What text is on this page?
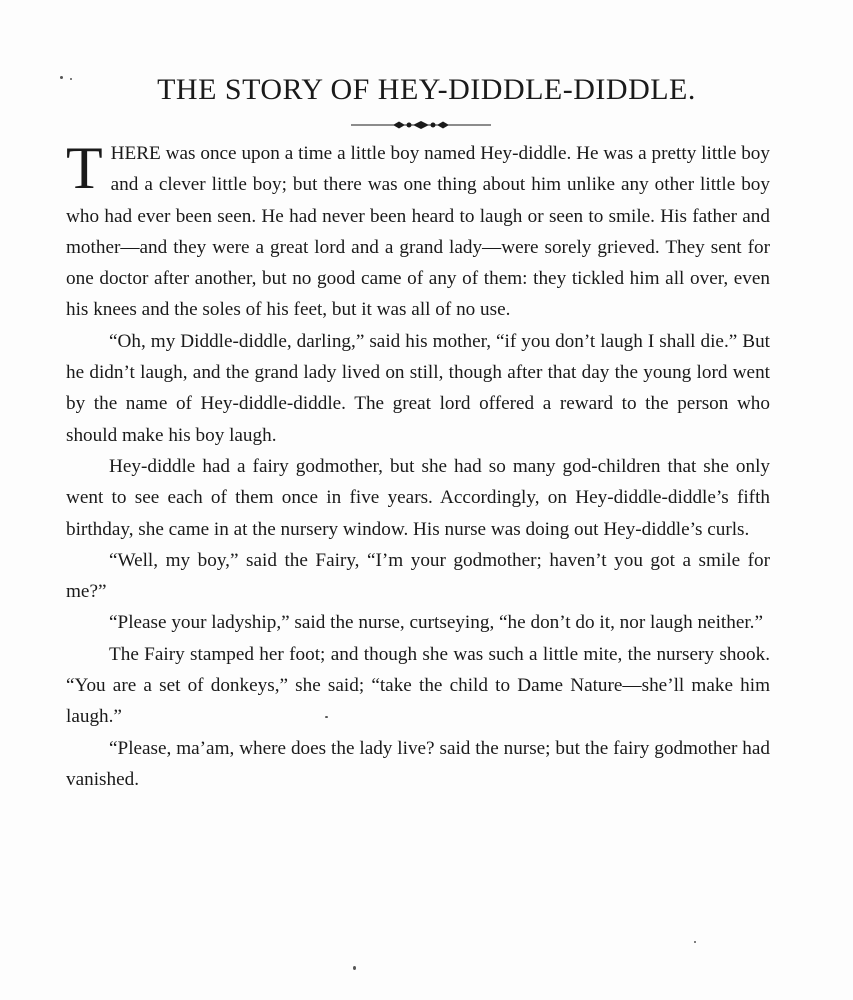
THE STORY OF HEY-DIDDLE-DIDDLE.

THERE was once upon a time a little boy named Hey-diddle. He was a pretty little boy and a clever little boy; but there was one thing about him unlike any other little boy who had ever been seen. He had never been heard to laugh or seen to smile. His father and mother—and they were a great lord and a grand lady—were sorely grieved. They sent for one doctor after another, but no good came of any of them: they tickled him all over, even his knees and the soles of his feet, but it was all of no use.

“Oh, my Diddle-diddle, darling,” said his mother, “if you don’t laugh I shall die.” But he didn’t laugh, and the grand lady lived on still, though after that day the young lord went by the name of Hey-diddle-diddle. The great lord offered a reward to the person who should make his boy laugh.

Hey-diddle had a fairy godmother, but she had so many god-children that she only went to see each of them once in five years. Accordingly, on Hey-diddle-diddle’s fifth birthday, she came in at the nursery window. His nurse was doing out Hey-diddle’s curls.

“Well, my boy,” said the Fairy, “I’m your godmother; haven’t you got a smile for me?”

“Please your ladyship,” said the nurse, curtseying, “he don’t do it, nor laugh neither.”

The Fairy stamped her foot; and though she was such a little mite, the nursery shook. “You are a set of donkeys,” she said; “take the child to Dame Nature—she’ll make him laugh.”

“Please, ma’am, where does the lady live? said the nurse; but the fairy godmother had vanished.
